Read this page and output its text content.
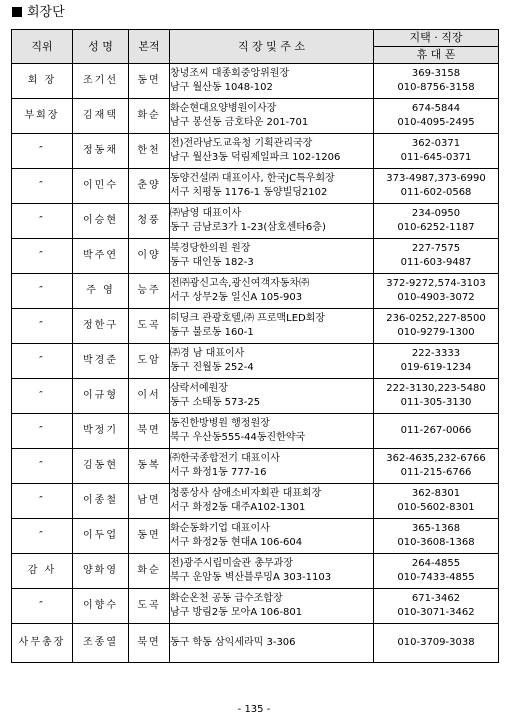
회장단
직위	성 명	본적	직 장 및 주 소	지택 · 직장
				휴 대 폰
회 장	조기선	동면	창녕조씨 대종회중앙위원장
남구 월산동 1048-102	369-3158
010-8756-3158

부회장	김재택	화순	화순현대요양병원이사장
남구 봉선동 금호타운 201-701	674-5844
010-4095-2495

″	정동채	한천	전)전라남도교육청 기획관리국장
남구 월산3동 덕림제일파크 102-1206	362-0371
011-645-0371

″	이민수	춘양	동양건설㈜ 대표이사, 한국JC특우회장
서구 치평동 1176-1 동양빌딩2102	373-4987,373-6990
011-602-0568

″	이승현	청풍	㈜남영 대표이사
동구 금남로3가 1-23(삼호센타6층)	234-0950
010-6252-1187

″	박주연	이양	북경당한의원 원장
동구 대인동 182-3	227-7575
011-603-9487

″	주 영	능주	전㈜광신고속,광신여객자동차㈜
서구 상무2동 일신A 105-903	372-9272,574-3103
010-4903-3072

″	정한구	도곡	히딩크 관광호텔,㈜ 프로맥LED회장
동구 불로동 160-1	236-0252,227-8500
010-9279-1300

″	박경준	도암	㈜경 남 대표이사
동구 진월동 252-4	222-3333
019-619-1234

″	이규형	이서	삼락서예원장
동구 소태동 573-25	222-3130,223-5480
011-305-3130

″	박정기	북면	동진한방병원 행정원장
북구 우산동555-44동진한약국	011-267-0066

″	김동현	동복	㈜한국종합전기 대표이사
서구 화정1동 777-16	362-4635,232-6766
011-215-6766

″	이종철	남면	청풍상사 삼애소비자회관 대표회장
서구 화정2동 대주A102-1301	362-8301
010-5602-8301

″	이두업	동면	화순동화기업 대표이사
서구 화정2동 현대A 106-604	365-1368
010-3608-1368

감 사	양화영	화순	전)광주시립미술관 총무과장
북구 운암동 벽산블루밍A 303-1103	264-4855
010-7433-4855

″	이향수	도곡	화순온천 공동 급수조합장
남구 방림2동 모아A 106-801	671-3462
010-3071-3462

사무총장	조종열	북면	동구 학동 삼익세라믹 3-306	010-3709-3038
- 135 -
